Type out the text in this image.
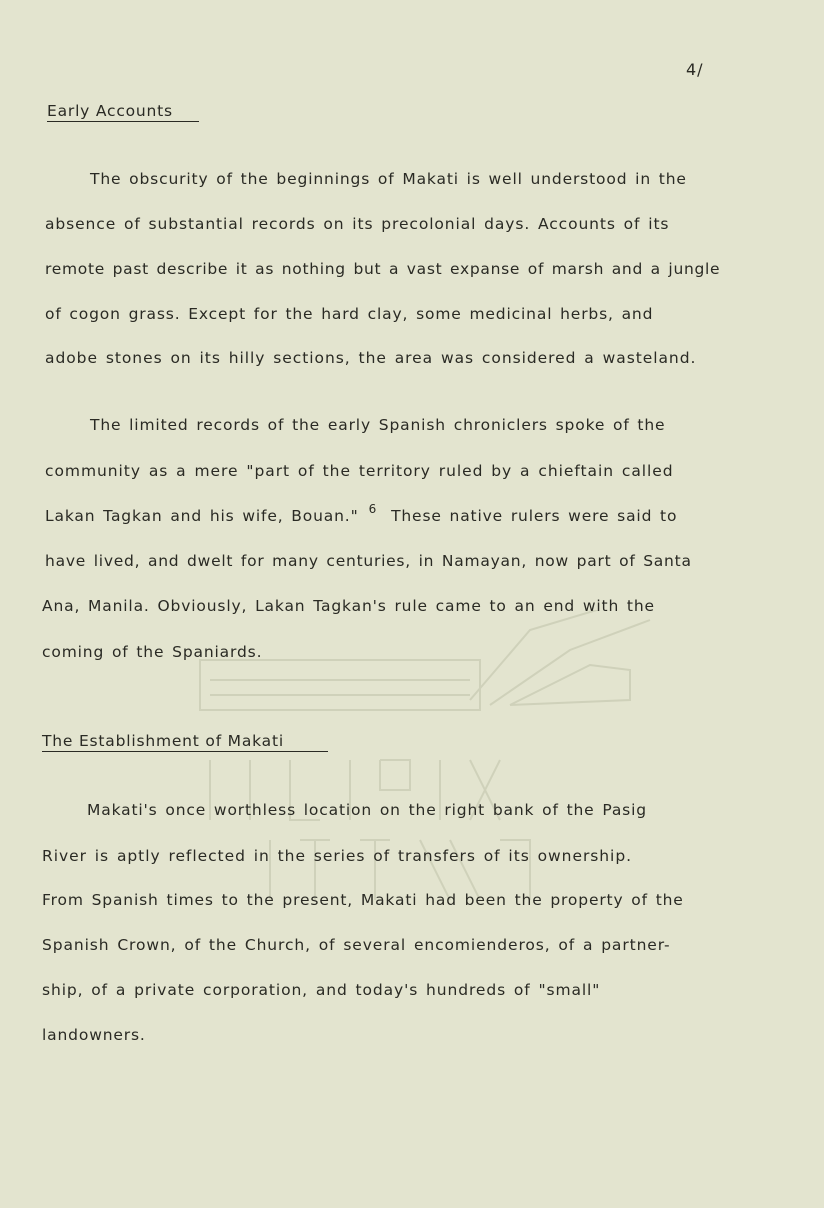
4/
Early Accounts
The obscurity of the beginnings of Makati is well understood in the
absence of substantial records on its precolonial days. Accounts of its
remote past describe it as nothing but a vast expanse of marsh and a jungle
of cogon grass. Except for the hard clay, some medicinal herbs, and
adobe stones on its hilly sections, the area was considered a wasteland.
The limited records of the early Spanish chroniclers spoke of the
community as a mere "part of the territory ruled by a chieftain called
Lakan Tagkan and his wife, Bouan." $^6$ These native rulers were said to
have lived, and dwelt for many centuries, in Namayan, now part of Santa
Ana, Manila. Obviously, Lakan Tagkan's rule came to an end with the
coming of the Spaniards.
The Establishment of Makati
Makati's once worthless location on the right bank of the Pasig
River is aptly reflected in the series of transfers of its ownership.
From Spanish times to the present, Makati had been the property of the
Spanish Crown, of the Church, of several encomienderos, of a partner-
ship, of a private corporation, and today's hundreds of "small"
landowners.
